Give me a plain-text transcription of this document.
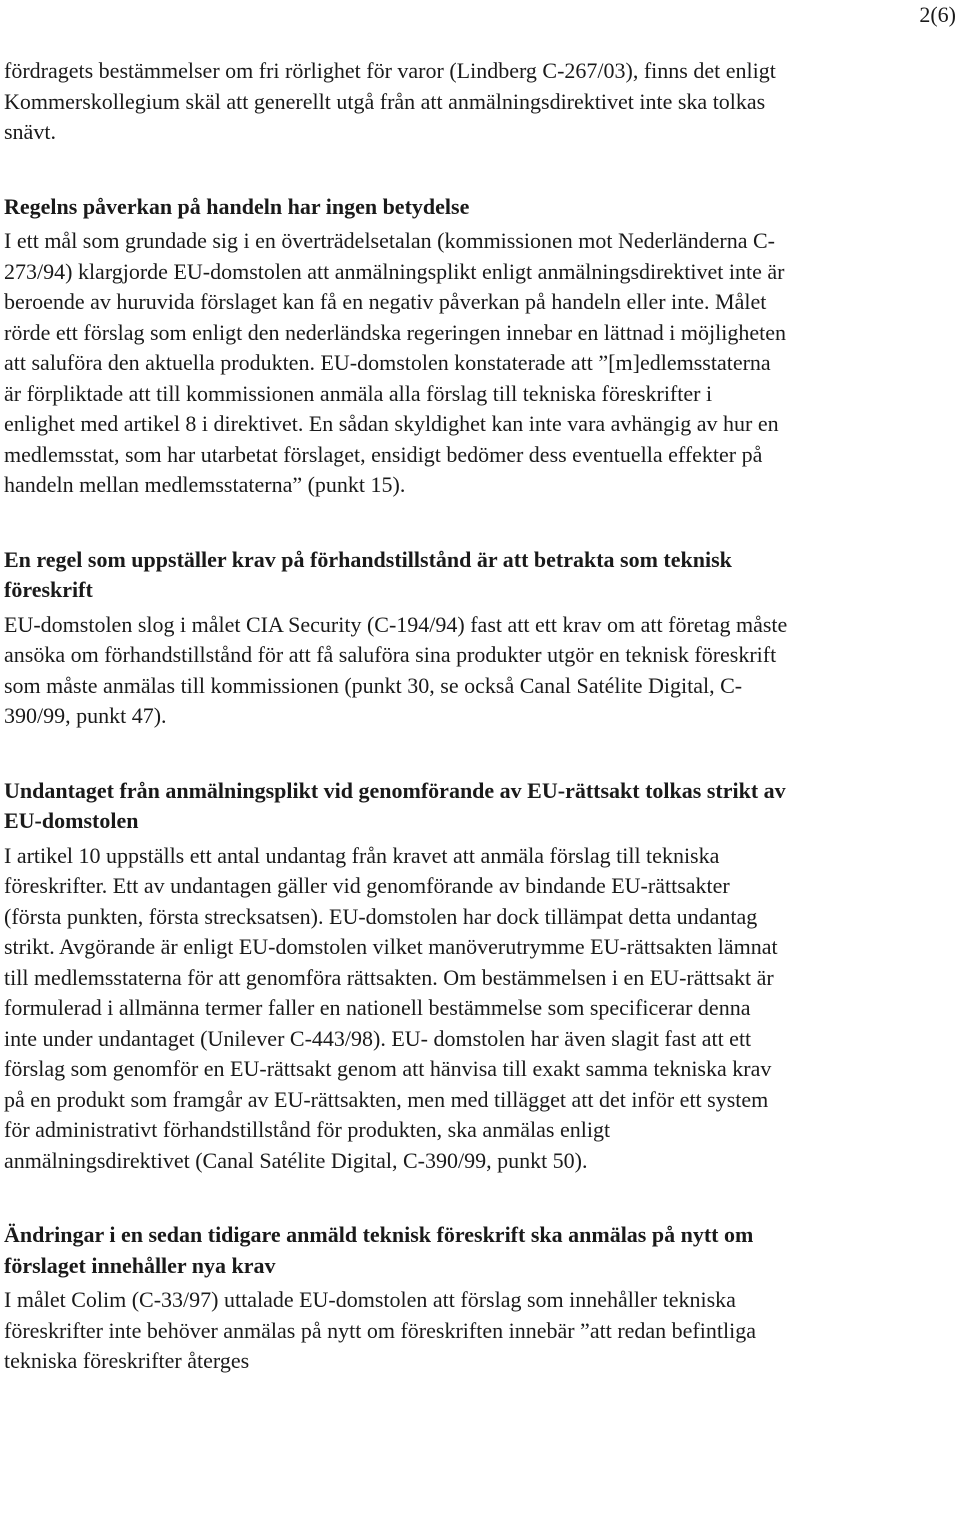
2(6)

fördragets bestämmelser om fri rörlighet för varor (Lindberg C-267/03), finns det enligt Kommerskollegium skäl att generellt utgå från att anmälningsdirektivet inte ska tolkas snävt.

Regelns påverkan på handeln har ingen betydelse

I ett mål som grundade sig i en överträdelsetalan (kommissionen mot Nederländerna C-273/94) klargjorde EU-domstolen att anmälningsplikt enligt anmälningsdirektivet inte är beroende av huruvida förslaget kan få en negativ påverkan på handeln eller inte. Målet rörde ett förslag som enligt den nederländska regeringen innebar en lättnad i möjligheten att saluföra den aktuella produkten. EU-domstolen konstaterade att ”[m]edlemsstaterna är förpliktade att till kommissionen anmäla alla förslag till tekniska föreskrifter i enlighet med artikel 8 i direktivet. En sådan skyldighet kan inte vara avhängig av hur en medlemsstat, som har utarbetat förslaget, ensidigt bedömer dess eventuella effekter på handeln mellan medlemsstaterna” (punkt 15).

En regel som uppställer krav på förhandstillstånd är att betrakta som teknisk föreskrift

EU-domstolen slog i målet CIA Security (C-194/94) fast att ett krav om att företag måste ansöka om förhandstillstånd för att få saluföra sina produkter utgör en teknisk föreskrift som måste anmälas till kommissionen (punkt 30, se också Canal Satélite Digital, C-390/99, punkt 47).

Undantaget från anmälningsplikt vid genomförande av EU-rättsakt tolkas strikt av EU-domstolen

I artikel 10 uppställs ett antal undantag från kravet att anmäla förslag till tekniska föreskrifter. Ett av undantagen gäller vid genomförande av bindande EU-rättsakter (första punkten, första strecksatsen). EU-domstolen har dock tillämpat detta undantag strikt. Avgörande är enligt EU-domstolen vilket manöverutrymme EU-rättsakten lämnat till medlemsstaterna för att genomföra rättsakten. Om bestämmelsen i en EU-rättsakt är formulerad i allmänna termer faller en nationell bestämmelse som specificerar denna inte under undantaget (Unilever C-443/98). EU- domstolen har även slagit fast att ett förslag som genomför en EU-rättsakt genom att hänvisa till exakt samma tekniska krav på en produkt som framgår av EU-rättsakten, men med tillägget att det inför ett system för administrativt förhandstillstånd för produkten, ska anmälas enligt anmälningsdirektivet (Canal Satélite Digital, C-390/99, punkt 50).

Ändringar i en sedan tidigare anmäld teknisk föreskrift ska anmälas på nytt om förslaget innehåller nya krav

I målet Colim (C-33/97) uttalade EU-domstolen att förslag som innehåller tekniska föreskrifter inte behöver anmälas på nytt om föreskriften innebär ”att redan befintliga tekniska föreskrifter återges
